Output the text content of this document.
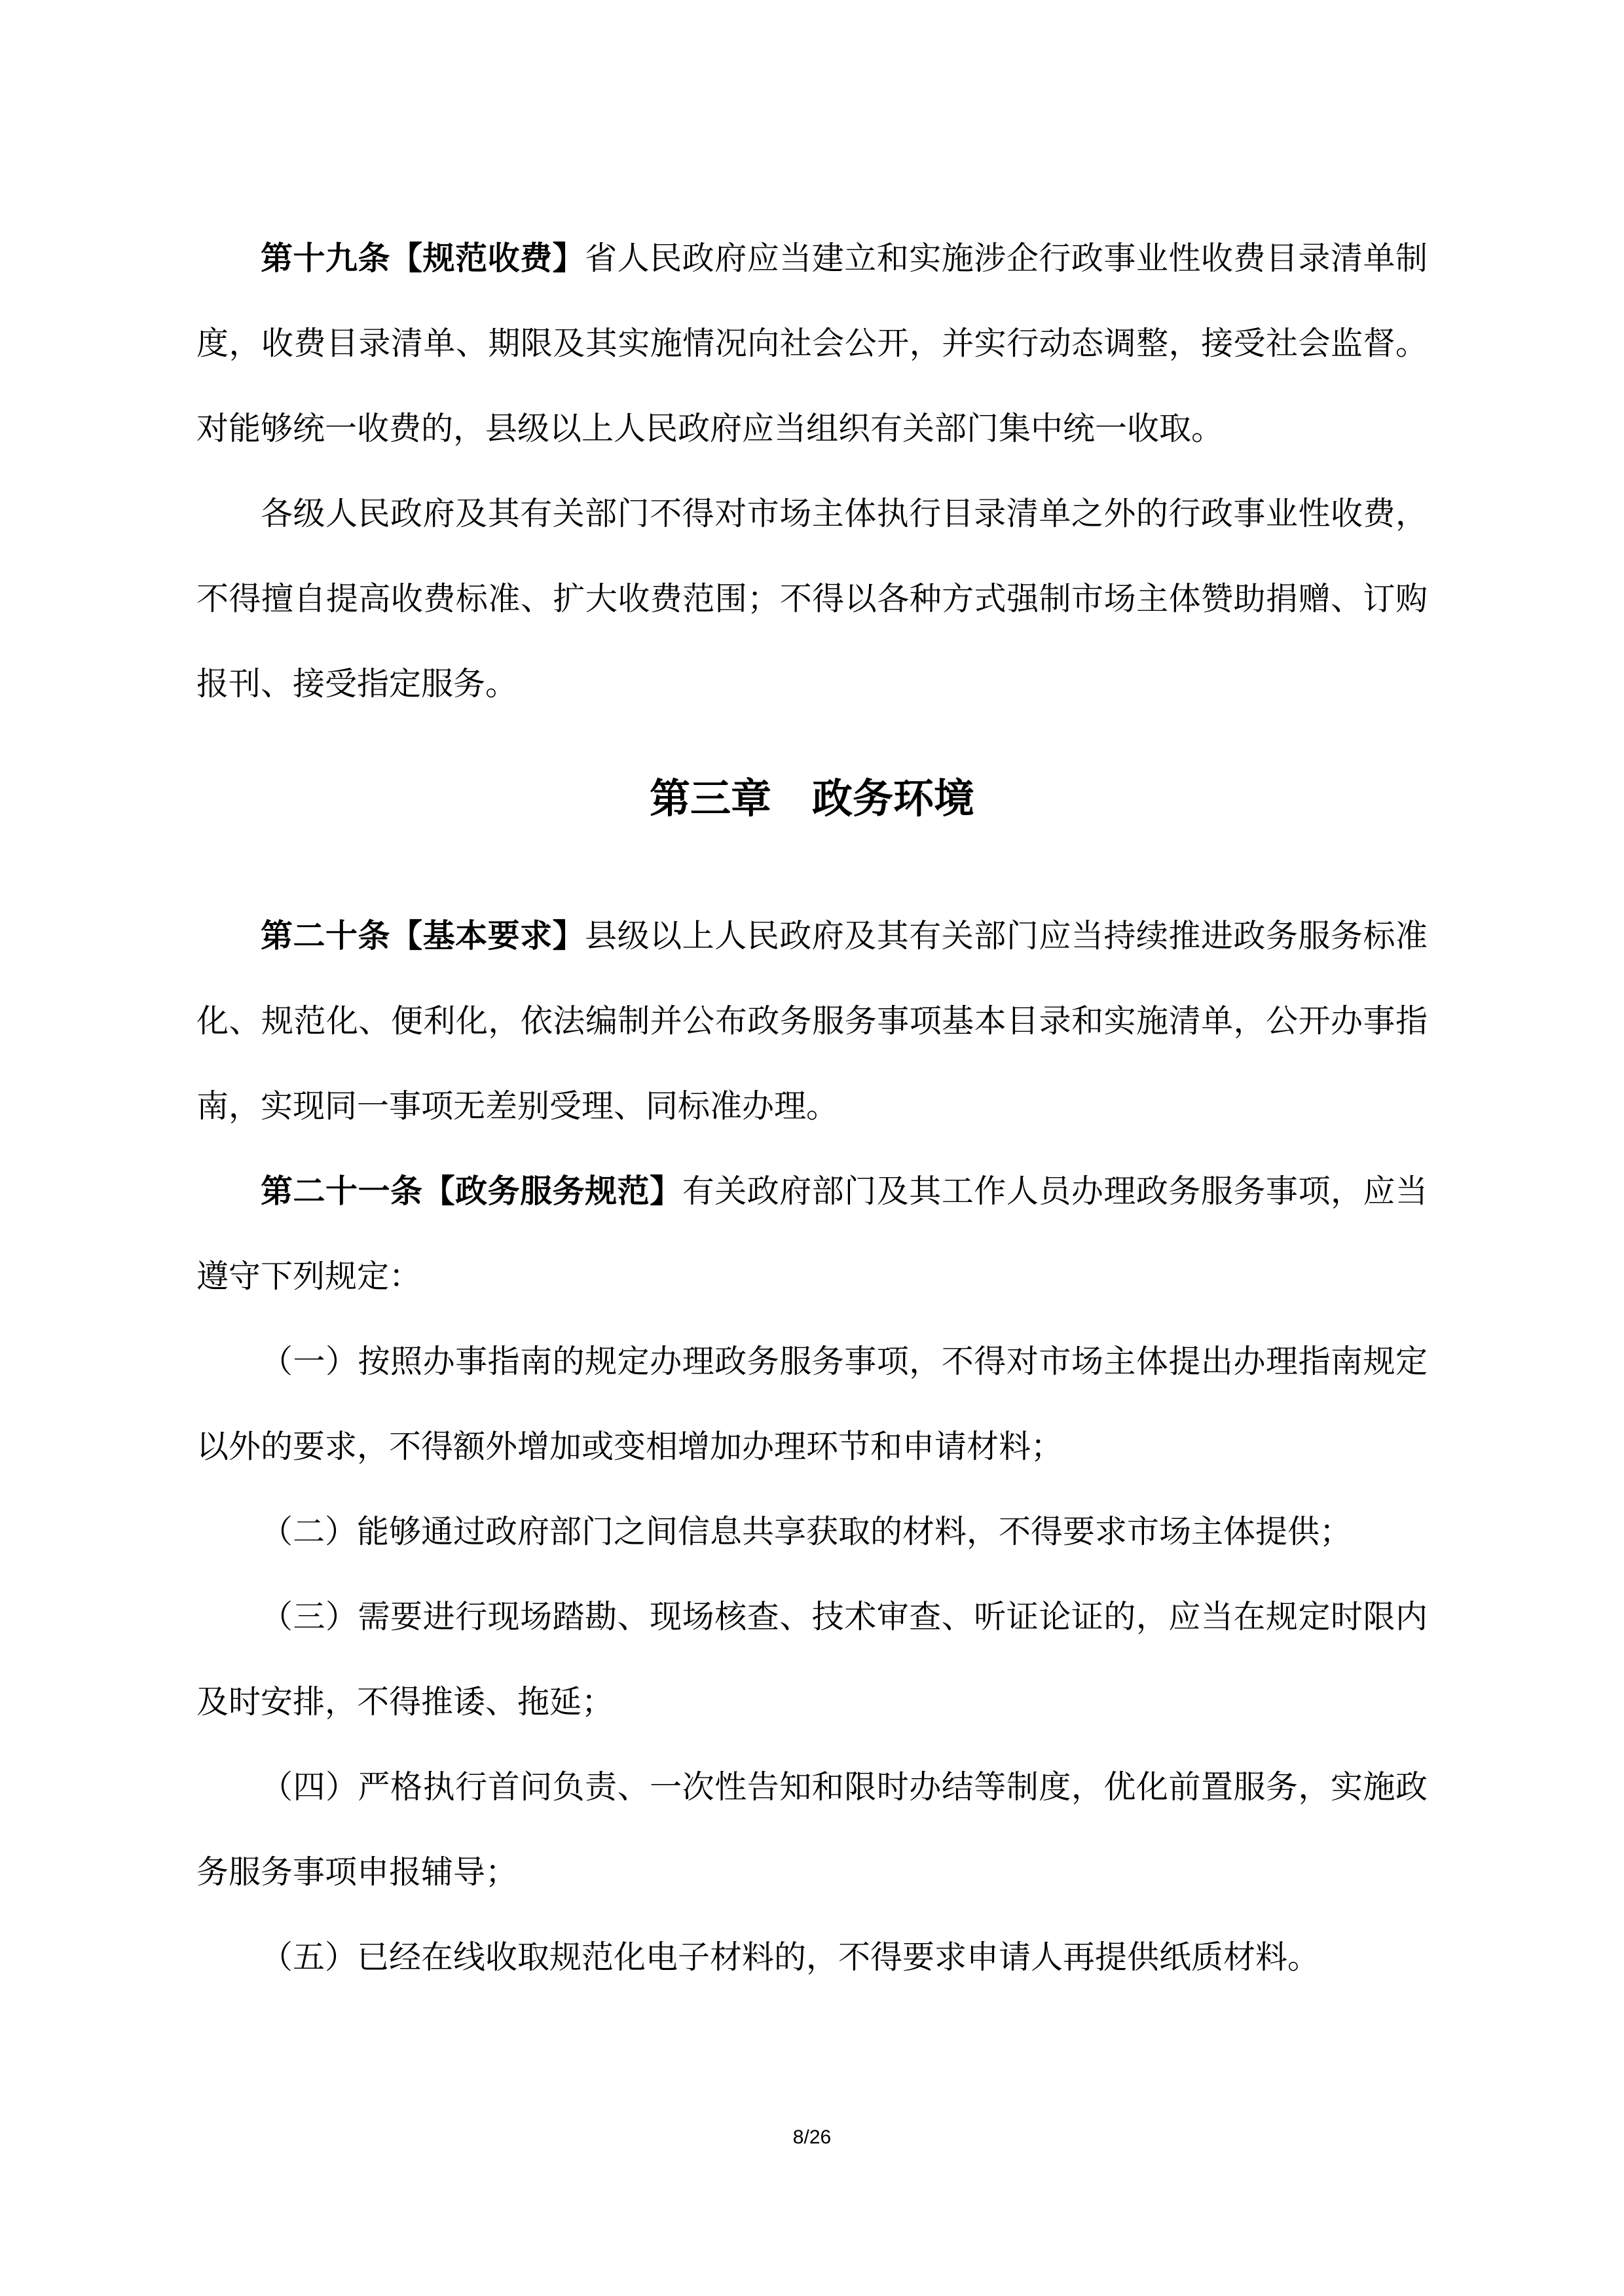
第十九条【规范收费】省人民政府应当建立和实施涉企行政事业性收费目录清单制度，收费目录清单、期限及其实施情况向社会公开，并实行动态调整，接受社会监督。对能够统一收费的，县级以上人民政府应当组织有关部门集中统一收取。

各级人民政府及其有关部门不得对市场主体执行目录清单之外的行政事业性收费，不得擅自提高收费标准、扩大收费范围；不得以各种方式强制市场主体赞助捐赠、订购报刊、接受指定服务。

第三章　政务环境

第二十条【基本要求】县级以上人民政府及其有关部门应当持续推进政务服务标准化、规范化、便利化，依法编制并公布政务服务事项基本目录和实施清单，公开办事指南，实现同一事项无差别受理、同标准办理。

第二十一条【政务服务规范】有关政府部门及其工作人员办理政务服务事项，应当遵守下列规定：

（一）按照办事指南的规定办理政务服务事项，不得对市场主体提出办理指南规定以外的要求，不得额外增加或变相增加办理环节和申请材料；

（二）能够通过政府部门之间信息共享获取的材料，不得要求市场主体提供；

（三）需要进行现场踏勘、现场核查、技术审查、听证论证的，应当在规定时限内及时安排，不得推诿、拖延；

（四）严格执行首问负责、一次性告知和限时办结等制度，优化前置服务，实施政务服务事项申报辅导；

（五）已经在线收取规范化电子材料的，不得要求申请人再提供纸质材料。

8/26
